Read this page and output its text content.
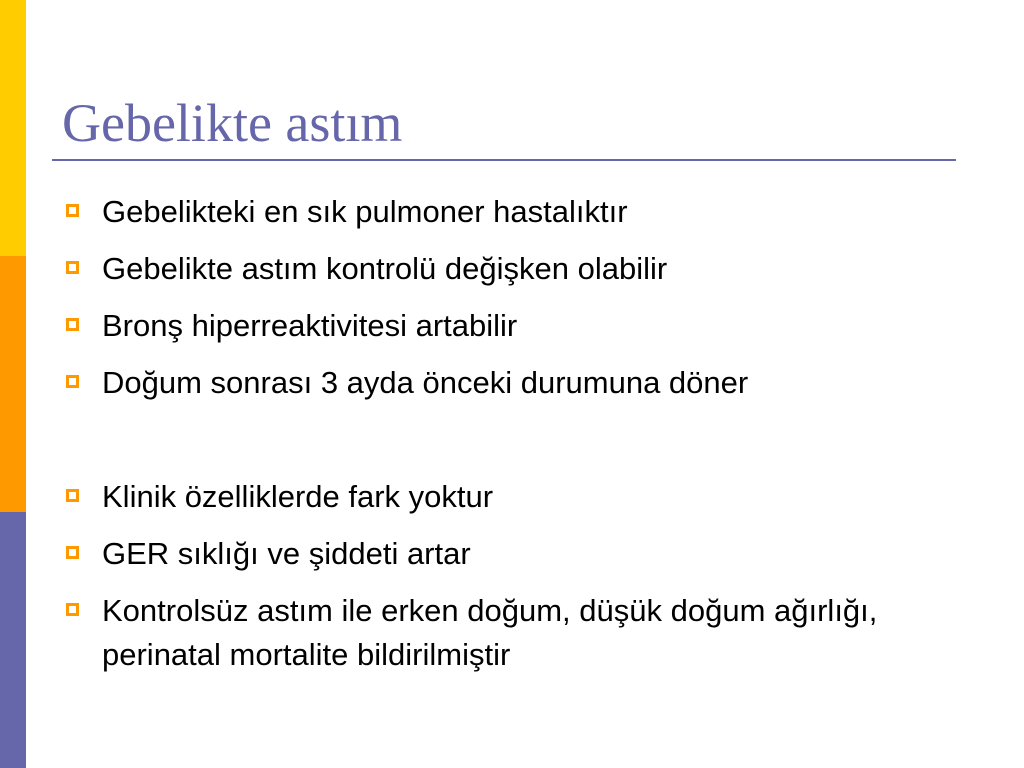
Gebelikte astım
Gebelikteki en sık pulmoner hastalıktır
Gebelikte astım kontrolü değişken olabilir
Bronş hiperreaktivitesi artabilir
Doğum sonrası 3 ayda önceki durumuna döner
Klinik özelliklerde fark yoktur
GER sıklığı ve şiddeti artar
Kontrolsüz astım ile erken doğum, düşük doğum ağırlığı, perinatal mortalite bildirilmiştir
